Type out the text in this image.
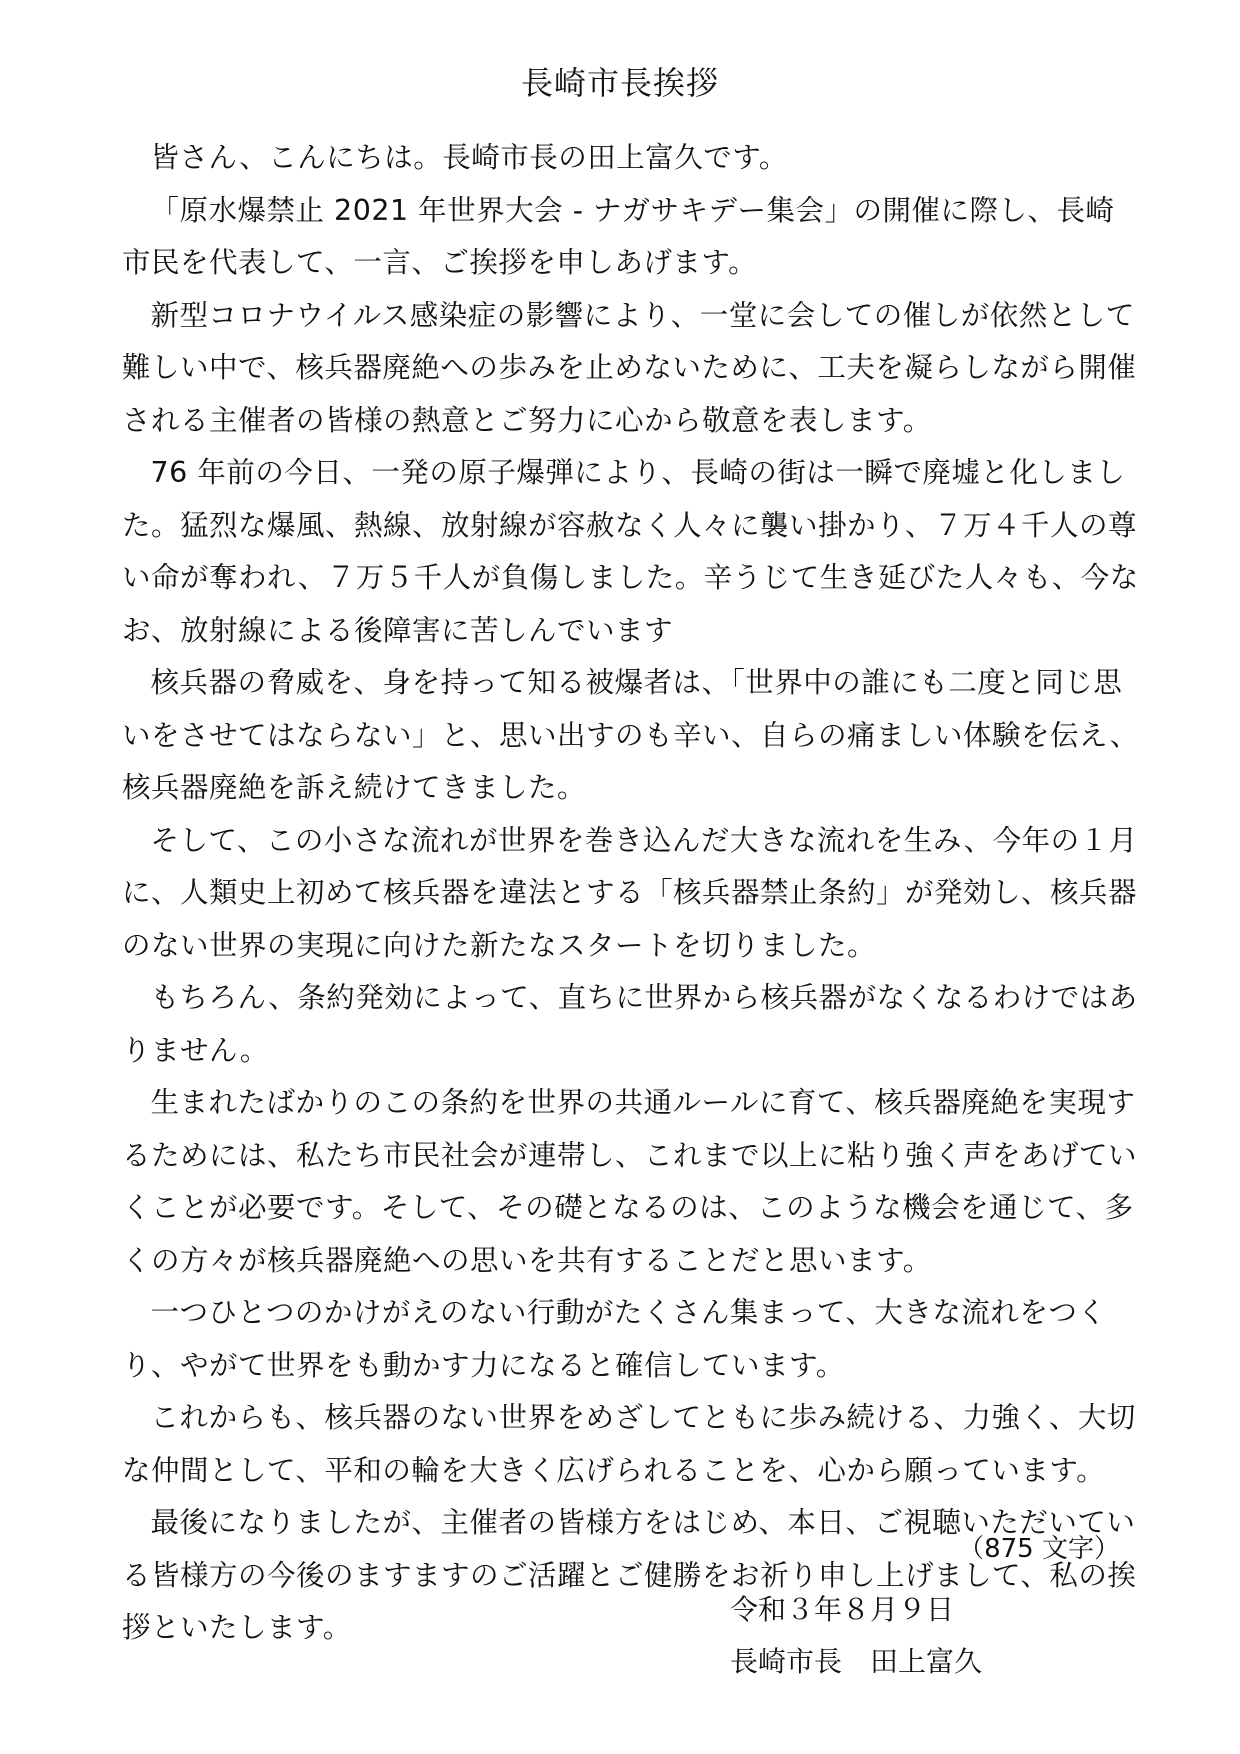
長崎市長挨拶

皆さん、こんにちは。長崎市長の田上富久です。

「原水爆禁止 2021 年世界大会 - ナガサキデー集会」の開催に際し、長崎市民を代表して、一言、ご挨拶を申しあげます。

新型コロナウイルス感染症の影響により、一堂に会しての催しが依然として難しい中で、核兵器廃絶への歩みを止めないために、工夫を凝らしながら開催される主催者の皆様の熱意とご努力に心から敬意を表します。

76 年前の今日、一発の原子爆弾により、長崎の街は一瞬で廃墟と化しました。猛烈な爆風、熱線、放射線が容赦なく人々に襲い掛かり、７万４千人の尊い命が奪われ、７万５千人が負傷しました。辛うじて生き延びた人々も、今なお、放射線による後障害に苦しんでいます

核兵器の脅威を、身を持って知る被爆者は、「世界中の誰にも二度と同じ思いをさせてはならない」と、思い出すのも辛い、自らの痛ましい体験を伝え、核兵器廃絶を訴え続けてきました。

そして、この小さな流れが世界を巻き込んだ大きな流れを生み、今年の１月に、人類史上初めて核兵器を違法とする「核兵器禁止条約」が発効し、核兵器のない世界の実現に向けた新たなスタートを切りました。

もちろん、条約発効によって、直ちに世界から核兵器がなくなるわけではありません。

生まれたばかりのこの条約を世界の共通ルールに育て、核兵器廃絶を実現するためには、私たち市民社会が連帯し、これまで以上に粘り強く声をあげていくことが必要です。そして、その礎となるのは、このような機会を通じて、多くの方々が核兵器廃絶への思いを共有することだと思います。

一つひとつのかけがえのない行動がたくさん集まって、大きな流れをつくり、やがて世界をも動かす力になると確信しています。

これからも、核兵器のない世界をめざしてともに歩み続ける、力強く、大切な仲間として、平和の輪を大きく広げられることを、心から願っています。

最後になりましたが、主催者の皆様方をはじめ、本日、ご視聴いただいている皆様方の今後のますますのご活躍とご健勝をお祈り申し上げまして、私の挨拶といたします。

（875 文字）
令和３年８月９日
長崎市長　田上富久
